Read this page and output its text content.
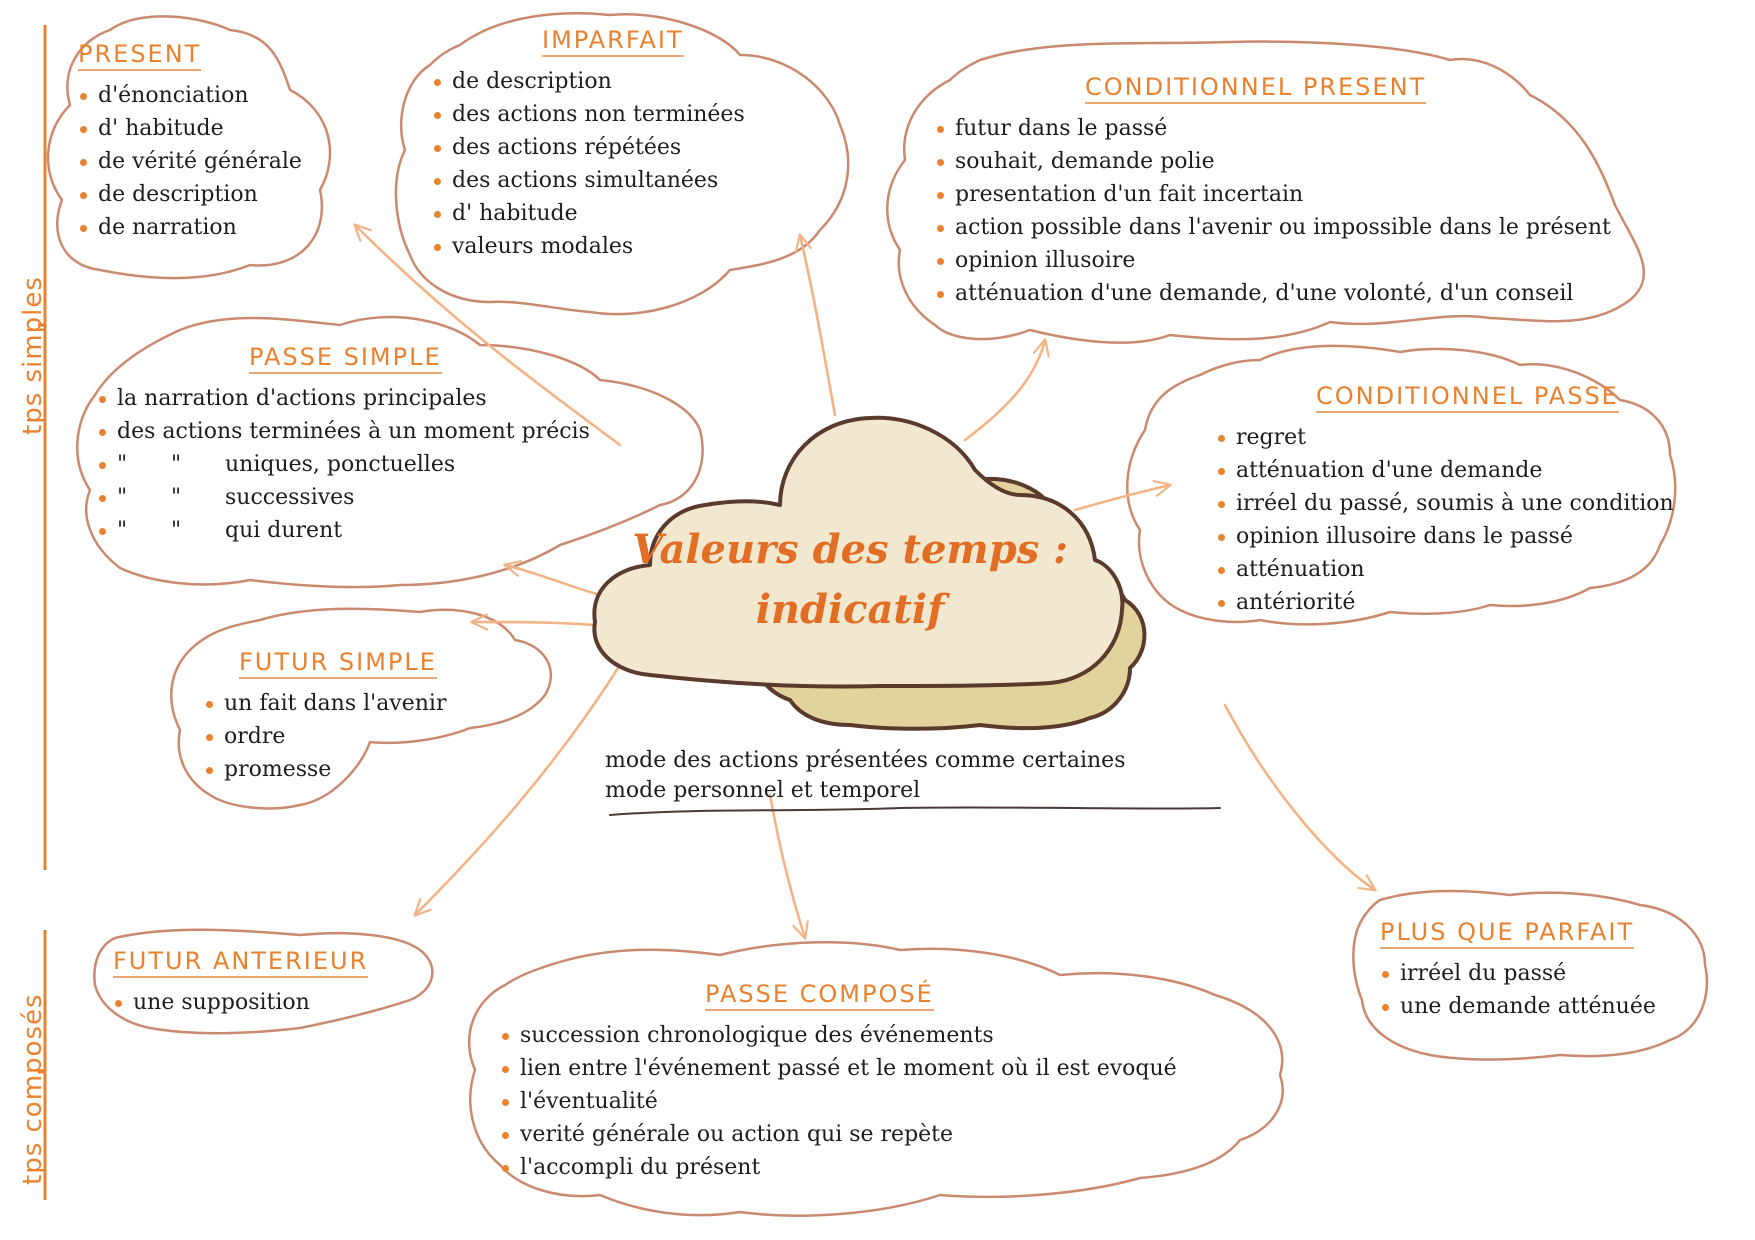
Valeurs des temps :
indicatif
mode des actions présentées comme certaines
mode personnel et temporel
tps simples
tps composés
PRESENT
d'énonciation
d' habitude
de vérité générale
de description
de narration
IMPARFAIT
de description
des actions non terminées
des actions répétées
des actions simultanées
d' habitude
valeurs modales
CONDITIONNEL PRESENT
futur dans le passé
souhait, demande polie
presentation d'un fait incertain
action possible dans l'avenir ou impossible dans le présent
opinion illusoire
atténuation d'une demande, d'une volonté, d'un conseil
PASSE SIMPLE
la narration d'actions principales
des actions terminées à un moment précis
" " uniques, ponctuelles
" " successives
" " qui durent
CONDITIONNEL PASSE
regret
atténuation d'une demande
irréel du passé, soumis à une condition
opinion illusoire dans le passé
atténuation
antériorité
FUTUR SIMPLE
un fait dans l'avenir
ordre
promesse
FUTUR ANTERIEUR
une supposition	PASSE COMPOSÉ
succession chronologique des événements
lien entre l'événement passé et le moment où il est evoqué
l'éventualité
verité générale ou action qui se repète
l'accompli du présent
PLUS QUE PARFAIT
irréel du passé
une demande atténuée
